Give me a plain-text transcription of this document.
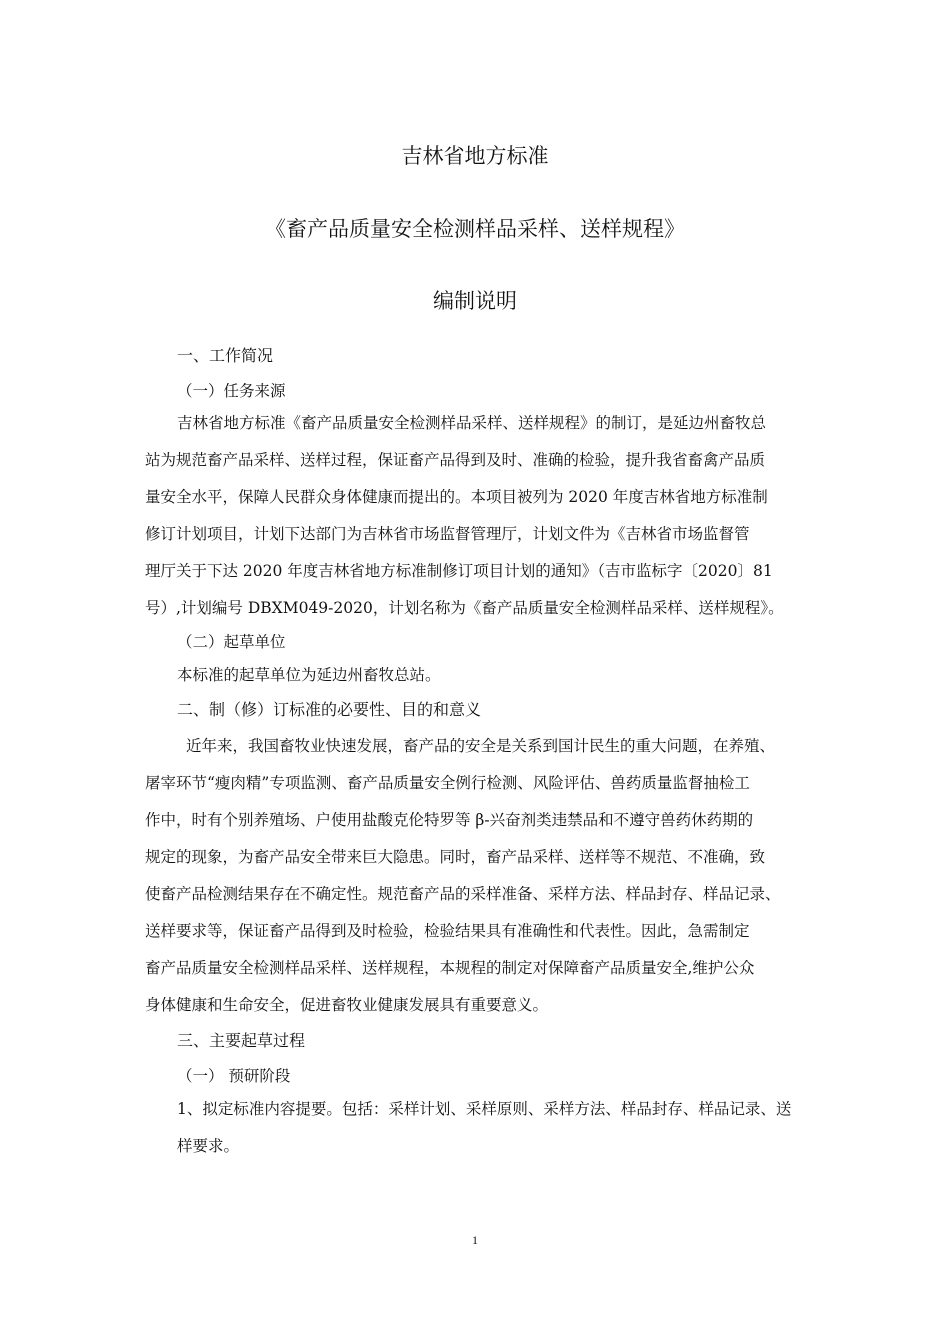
吉林省地方标准
《畜产品质量安全检测样品采样、送样规程》
编制说明
一、工作简况
（一）任务来源
吉林省地方标准《畜产品质量安全检测样品采样、送样规程》的制订，是延边州畜牧总
站为规范畜产品采样、送样过程，保证畜产品得到及时、准确的检验，提升我省畜禽产品质
量安全水平，保障人民群众身体健康而提出的。本项目被列为 2020 年度吉林省地方标准制
修订计划项目，计划下达部门为吉林省市场监督管理厅，计划文件为《吉林省市场监督管
理厅关于下达 2020 年度吉林省地方标准制修订项目计划的通知》（吉市监标字〔2020〕81
号）,计划编号 DBXM049-2020，计划名称为《畜产品质量安全检测样品采样、送样规程》。
（二）起草单位
本标准的起草单位为延边州畜牧总站。
二、制（修）订标准的必要性、目的和意义
近年来，我国畜牧业快速发展，畜产品的安全是关系到国计民生的重大问题，在养殖、
屠宰环节“瘦肉精”专项监测、畜产品质量安全例行检测、风险评估、兽药质量监督抽检工
作中，时有个别养殖场、户使用盐酸克伦特罗等 β-兴奋剂类违禁品和不遵守兽药休药期的
规定的现象，为畜产品安全带来巨大隐患。同时，畜产品采样、送样等不规范、不准确，致
使畜产品检测结果存在不确定性。规范畜产品的采样准备、采样方法、样品封存、样品记录、
送样要求等，保证畜产品得到及时检验，检验结果具有准确性和代表性。因此，急需制定
畜产品质量安全检测样品采样、送样规程，本规程的制定对保障畜产品质量安全,维护公众
身体健康和生命安全，促进畜牧业健康发展具有重要意义。
三、主要起草过程
（一） 预研阶段
1、拟定标准内容提要。包括：采样计划、采样原则、采样方法、样品封存、样品记录、送
样要求。
1
